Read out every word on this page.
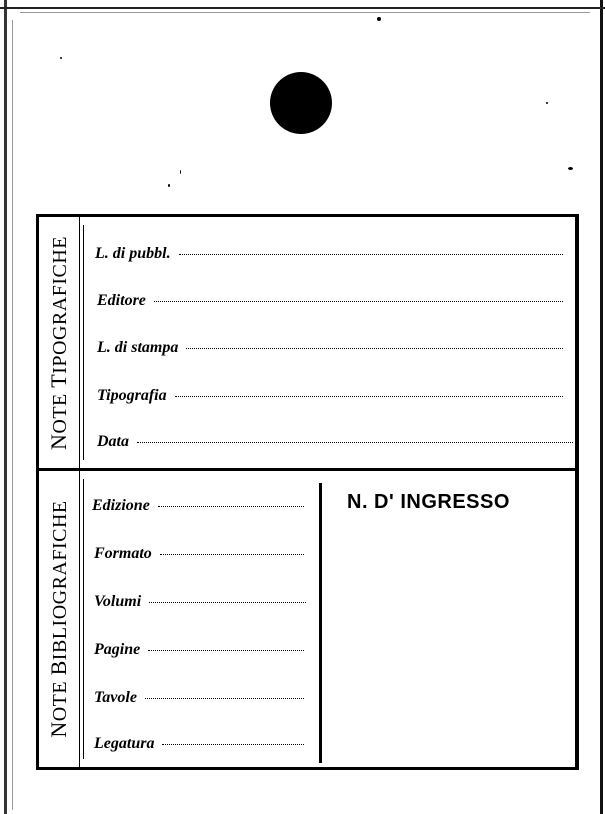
NOTE TIPOGRAFICHE L. di pubbl.
Editore
L. di stampa
Tipografia
Data
NOTE BIBLIOGRAFICHE Edizione
Formato
Volumi
Pagine
Tavole
Legatura
N. D' INGRESSO
